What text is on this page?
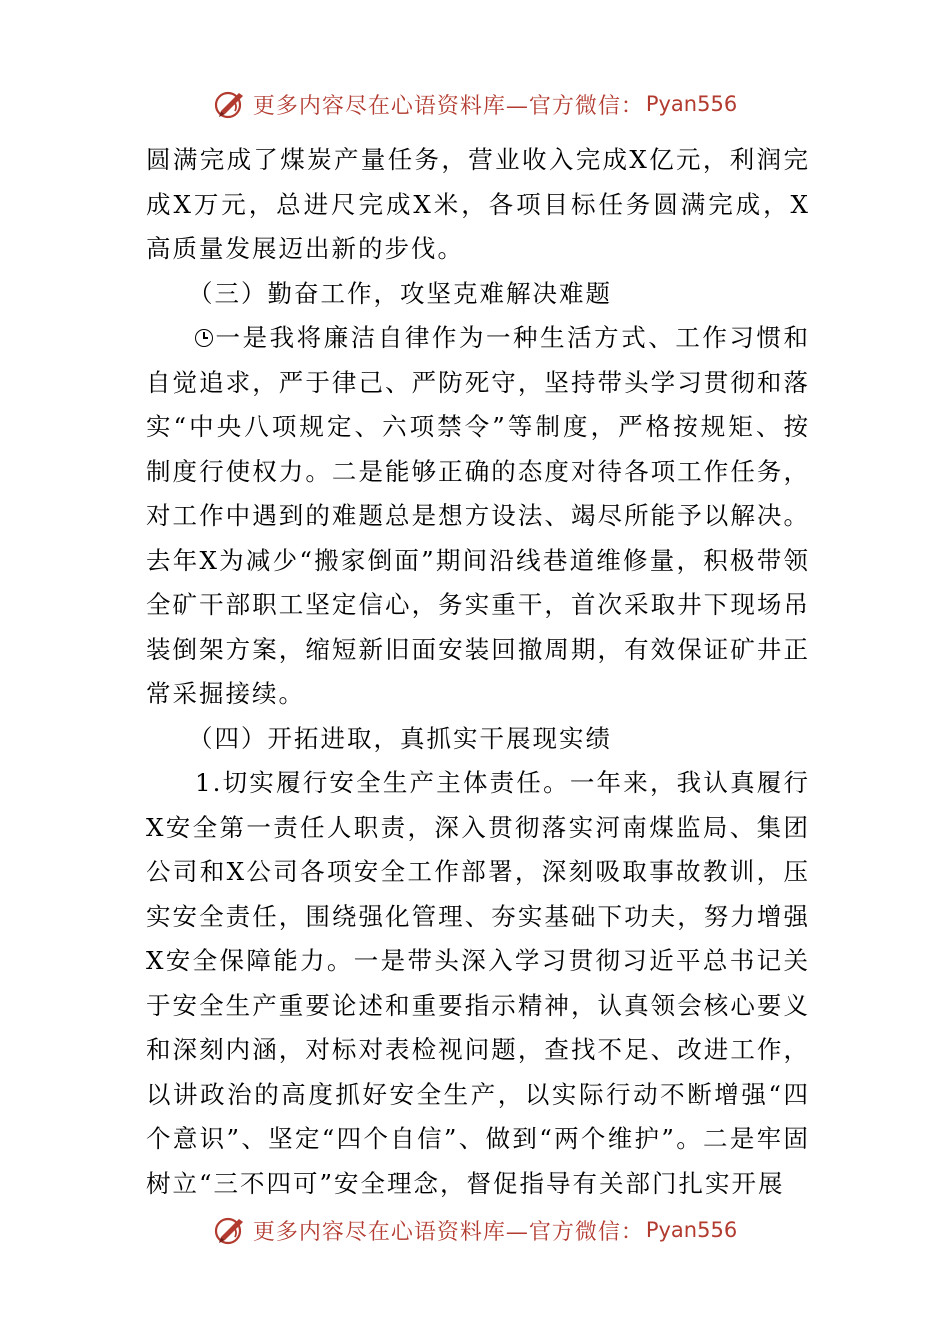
更多内容尽在心语资料库—官方微信： Pyan556

圆满完成了煤炭产量任务，营业收入完成X亿元，利润完成X万元，总进尺完成X米，各项目标任务圆满完成，X高质量发展迈出新的步伐。

（三）勤奋工作，攻坚克难解决难题

一是我将廉洁自律作为一种生活方式、工作习惯和自觉追求，严于律己、严防死守，坚持带头学习贯彻和落实“中央八项规定、六项禁令”等制度，严格按规矩、按制度行使权力。二是能够正确的态度对待各项工作任务，对工作中遇到的难题总是想方设法、竭尽所能予以解决。去年X为减少“搬家倒面”期间沿线巷道维修量，积极带领全矿干部职工坚定信心，务实重干，首次采取井下现场吊装倒架方案，缩短新旧面安装回撤周期，有效保证矿井正常采掘接续。

（四）开拓进取，真抓实干展现实绩

1.切实履行安全生产主体责任。一年来，我认真履行X安全第一责任人职责，深入贯彻落实河南煤监局、集团公司和X公司各项安全工作部署，深刻吸取事故教训，压实安全责任，围绕强化管理、夯实基础下功夫，努力增强X安全保障能力。一是带头深入学习贯彻习近平总书记关于安全生产重要论述和重要指示精神，认真领会核心要义和深刻内涵，对标对表检视问题，查找不足、改进工作，以讲政治的高度抓好安全生产，以实际行动不断增强“四个意识”、坚定“四个自信”、做到“两个维护”。二是牢固树立“三不四可”安全理念，督促指导有关部门扎实开展

更多内容尽在心语资料库—官方微信： Pyan556
